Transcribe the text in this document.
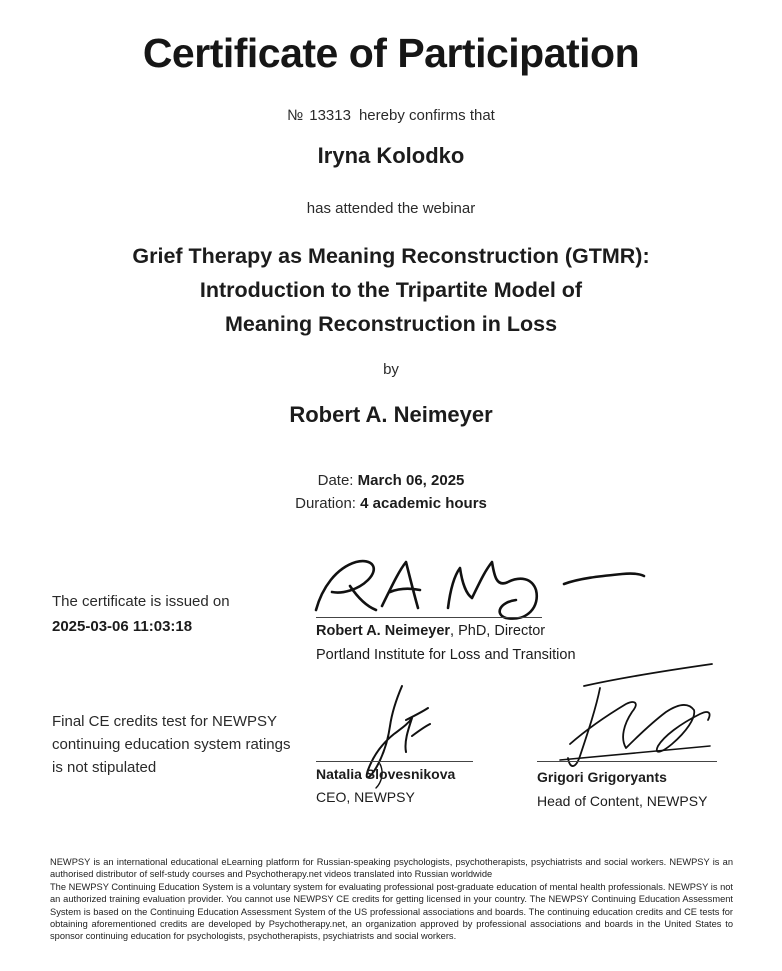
Certificate of Participation
№ 13313 hereby confirms that
Iryna Kolodko
has attended the webinar
Grief Therapy as Meaning Reconstruction (GTMR):
Introduction to the Tripartite Model of
Meaning Reconstruction in Loss
by
Robert A. Neimeyer
Date: March 06, 2025
Duration: 4 academic hours
The certificate is issued on
2025-03-06 11:03:18	Robert A. Neimeyer, PhD, Director
Portland Institute for Loss and Transition
Final CE credits test for NEWPSY
continuing education system ratings
is not stipulated	Natalia Slovesnikova
CEO, NEWPSY
Grigori Grigoryants
Head of Content, NEWPSY

NEWPSY is an international educational eLearning platform for Russian-speaking psychologists, psychotherapists, psychiatrists and social workers. NEWPSY is an authorised distributor of self-study courses and Psychotherapy.net videos translated into Russian worldwide

The NEWPSY Continuing Education System is a voluntary system for evaluating professional post-graduate education of mental health professionals. NEWPSY is not an authorized training evaluation provider. You cannot use NEWPSY CE credits for getting licensed in your country. The NEWPSY Continuing Education Assessment System is based on the Continuing Education Assessment System of the US professional associations and boards. The continuing education credits and CE tests for obtaining aforementioned credits are developed by Psychotherapy.net, an organization approved by professional associations and boards in the United States to sponsor continuing education for psychologists, psychotherapists, psychiatrists and social workers.
